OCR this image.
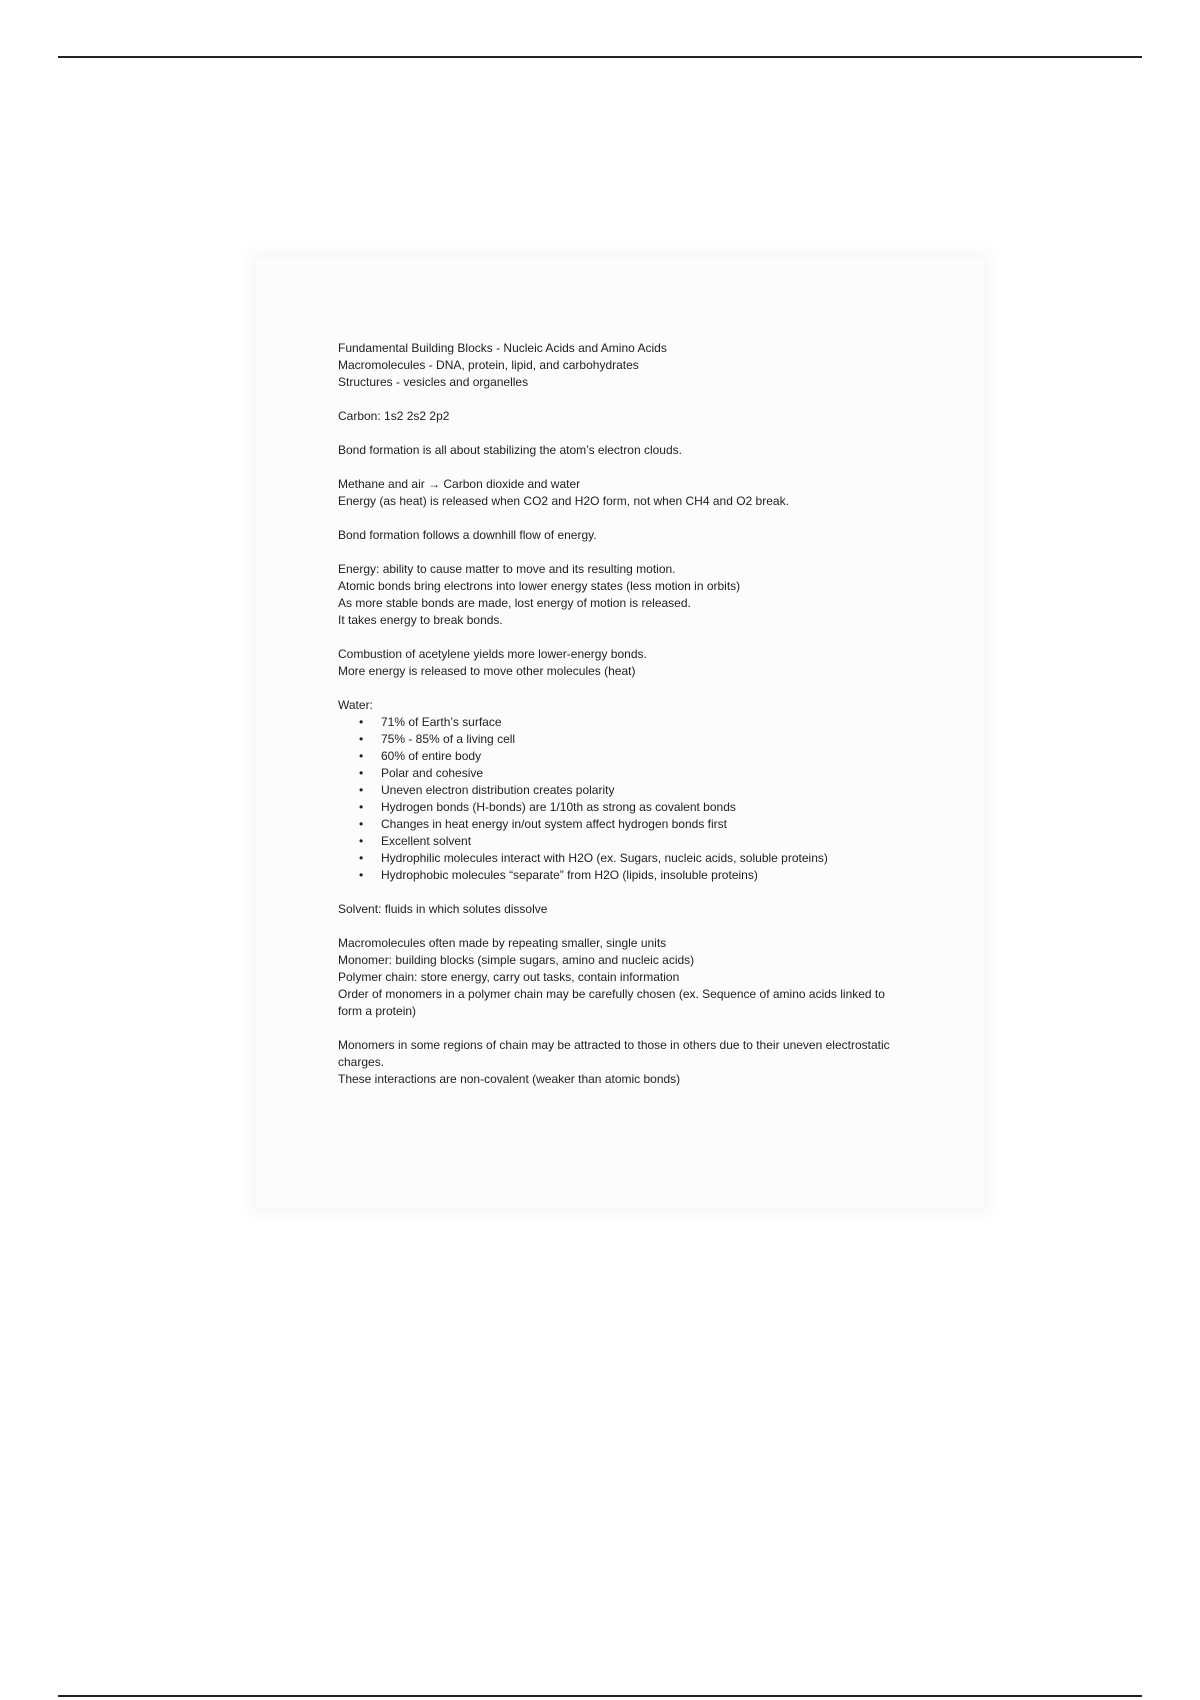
Fundamental Building Blocks - Nucleic Acids and Amino Acids

Macromolecules - DNA, protein, lipid, and carbohydrates

Structures - vesicles and organelles

Carbon: 1s2 2s2 2p2

Bond formation is all about stabilizing the atom’s electron clouds.

Methane and air → Carbon dioxide and water

Energy (as heat) is released when CO2 and H2O form, not when CH4 and O2 break.

Bond formation follows a downhill flow of energy.

Energy: ability to cause matter to move and its resulting motion.

Atomic bonds bring electrons into lower energy states (less motion in orbits)

As more stable bonds are made, lost energy of motion is released.

It takes energy to break bonds.

Combustion of acetylene yields more lower-energy bonds.

More energy is released to move other molecules (heat)

Water:

• 71% of Earth’s surface
• 75% - 85% of a living cell
• 60% of entire body
• Polar and cohesive
• Uneven electron distribution creates polarity
• Hydrogen bonds (H-bonds) are 1/10th as strong as covalent bonds
• Changes in heat energy in/out system affect hydrogen bonds first
• Excellent solvent
• Hydrophilic molecules interact with H2O (ex. Sugars, nucleic acids, soluble proteins)
• Hydrophobic molecules “separate” from H2O (lipids, insoluble proteins)

Solvent: fluids in which solutes dissolve

Macromolecules often made by repeating smaller, single units

Monomer: building blocks (simple sugars, amino and nucleic acids)

Polymer chain: store energy, carry out tasks, contain information

Order of monomers in a polymer chain may be carefully chosen (ex. Sequence of amino acids linked to form a protein)

Monomers in some regions of chain may be attracted to those in others due to their uneven electrostatic charges.

These interactions are non-covalent (weaker than atomic bonds)
